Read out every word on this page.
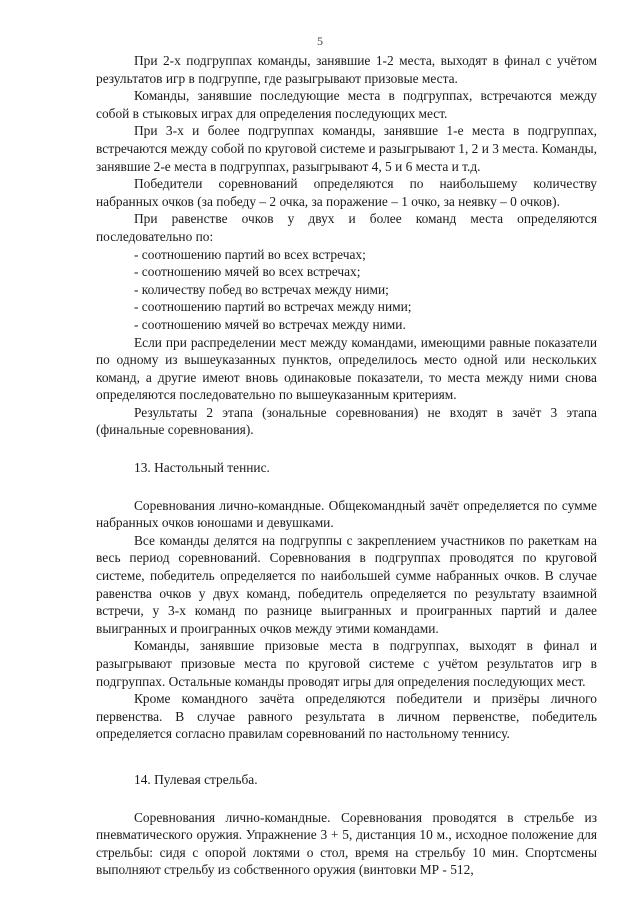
5

При 2-х подгруппах команды, занявшие 1-2 места, выходят в финал с учётом результатов игр в подгруппе, где разыгрывают призовые места.

Команды, занявшие последующие места в подгруппах, встречаются между собой в стыковых играх для определения последующих мест.

При 3-х и более подгруппах команды, занявшие 1-е места в подгруппах, встречаются между собой по круговой системе и разыгрывают 1, 2 и 3 места. Команды, занявшие 2-е места в подгруппах, разыгрывают 4, 5 и 6 места и т.д.

Победители соревнований определяются по наибольшему количеству набранных очков (за победу – 2 очка, за поражение – 1 очко, за неявку – 0 очков).

При равенстве очков у двух и более команд места определяются последовательно по:

- соотношению партий во всех встречах;

- соотношению мячей во всех встречах;

- количеству побед во встречах между ними;

- соотношению партий во встречах между ними;

- соотношению мячей во встречах между ними.

Если при распределении мест между командами, имеющими равные показатели по одному из вышеуказанных пунктов, определилось место одной или нескольких команд, а другие имеют вновь одинаковые показатели, то места между ними снова определяются последовательно по вышеуказанным критериям.

Результаты 2 этапа (зональные соревнования) не входят в зачёт 3 этапа (финальные соревнования).

13. Настольный теннис.

Соревнования лично-командные. Общекомандный зачёт определяется по сумме набранных очков юношами и девушками.

Все команды делятся на подгруппы с закреплением участников по ракеткам на весь период соревнований. Соревнования в подгруппах проводятся по круговой системе, победитель определяется по наибольшей сумме набранных очков. В случае равенства очков у двух команд, победитель определяется по результату взаимной встречи, у 3-х команд по разнице выигранных и проигранных партий и далее выигранных и проигранных очков между этими командами.

Команды, занявшие призовые места в подгруппах, выходят в финал и разыгрывают призовые места по круговой системе с учётом результатов игр в подгруппах. Остальные команды проводят игры для определения последующих мест.

Кроме командного зачёта определяются победители и призёры личного первенства. В случае равного результата в личном первенстве, победитель определяется согласно правилам соревнований по настольному теннису.

14. Пулевая стрельба.

Соревнования лично-командные. Соревнования проводятся в стрельбе из пневматического оружия. Упражнение 3 + 5, дистанция 10 м., исходное положение для стрельбы: сидя с опорой локтями о стол, время на стрельбу 10 мин. Спортсмены выполняют стрельбу из собственного оружия (винтовки МР - 512,
